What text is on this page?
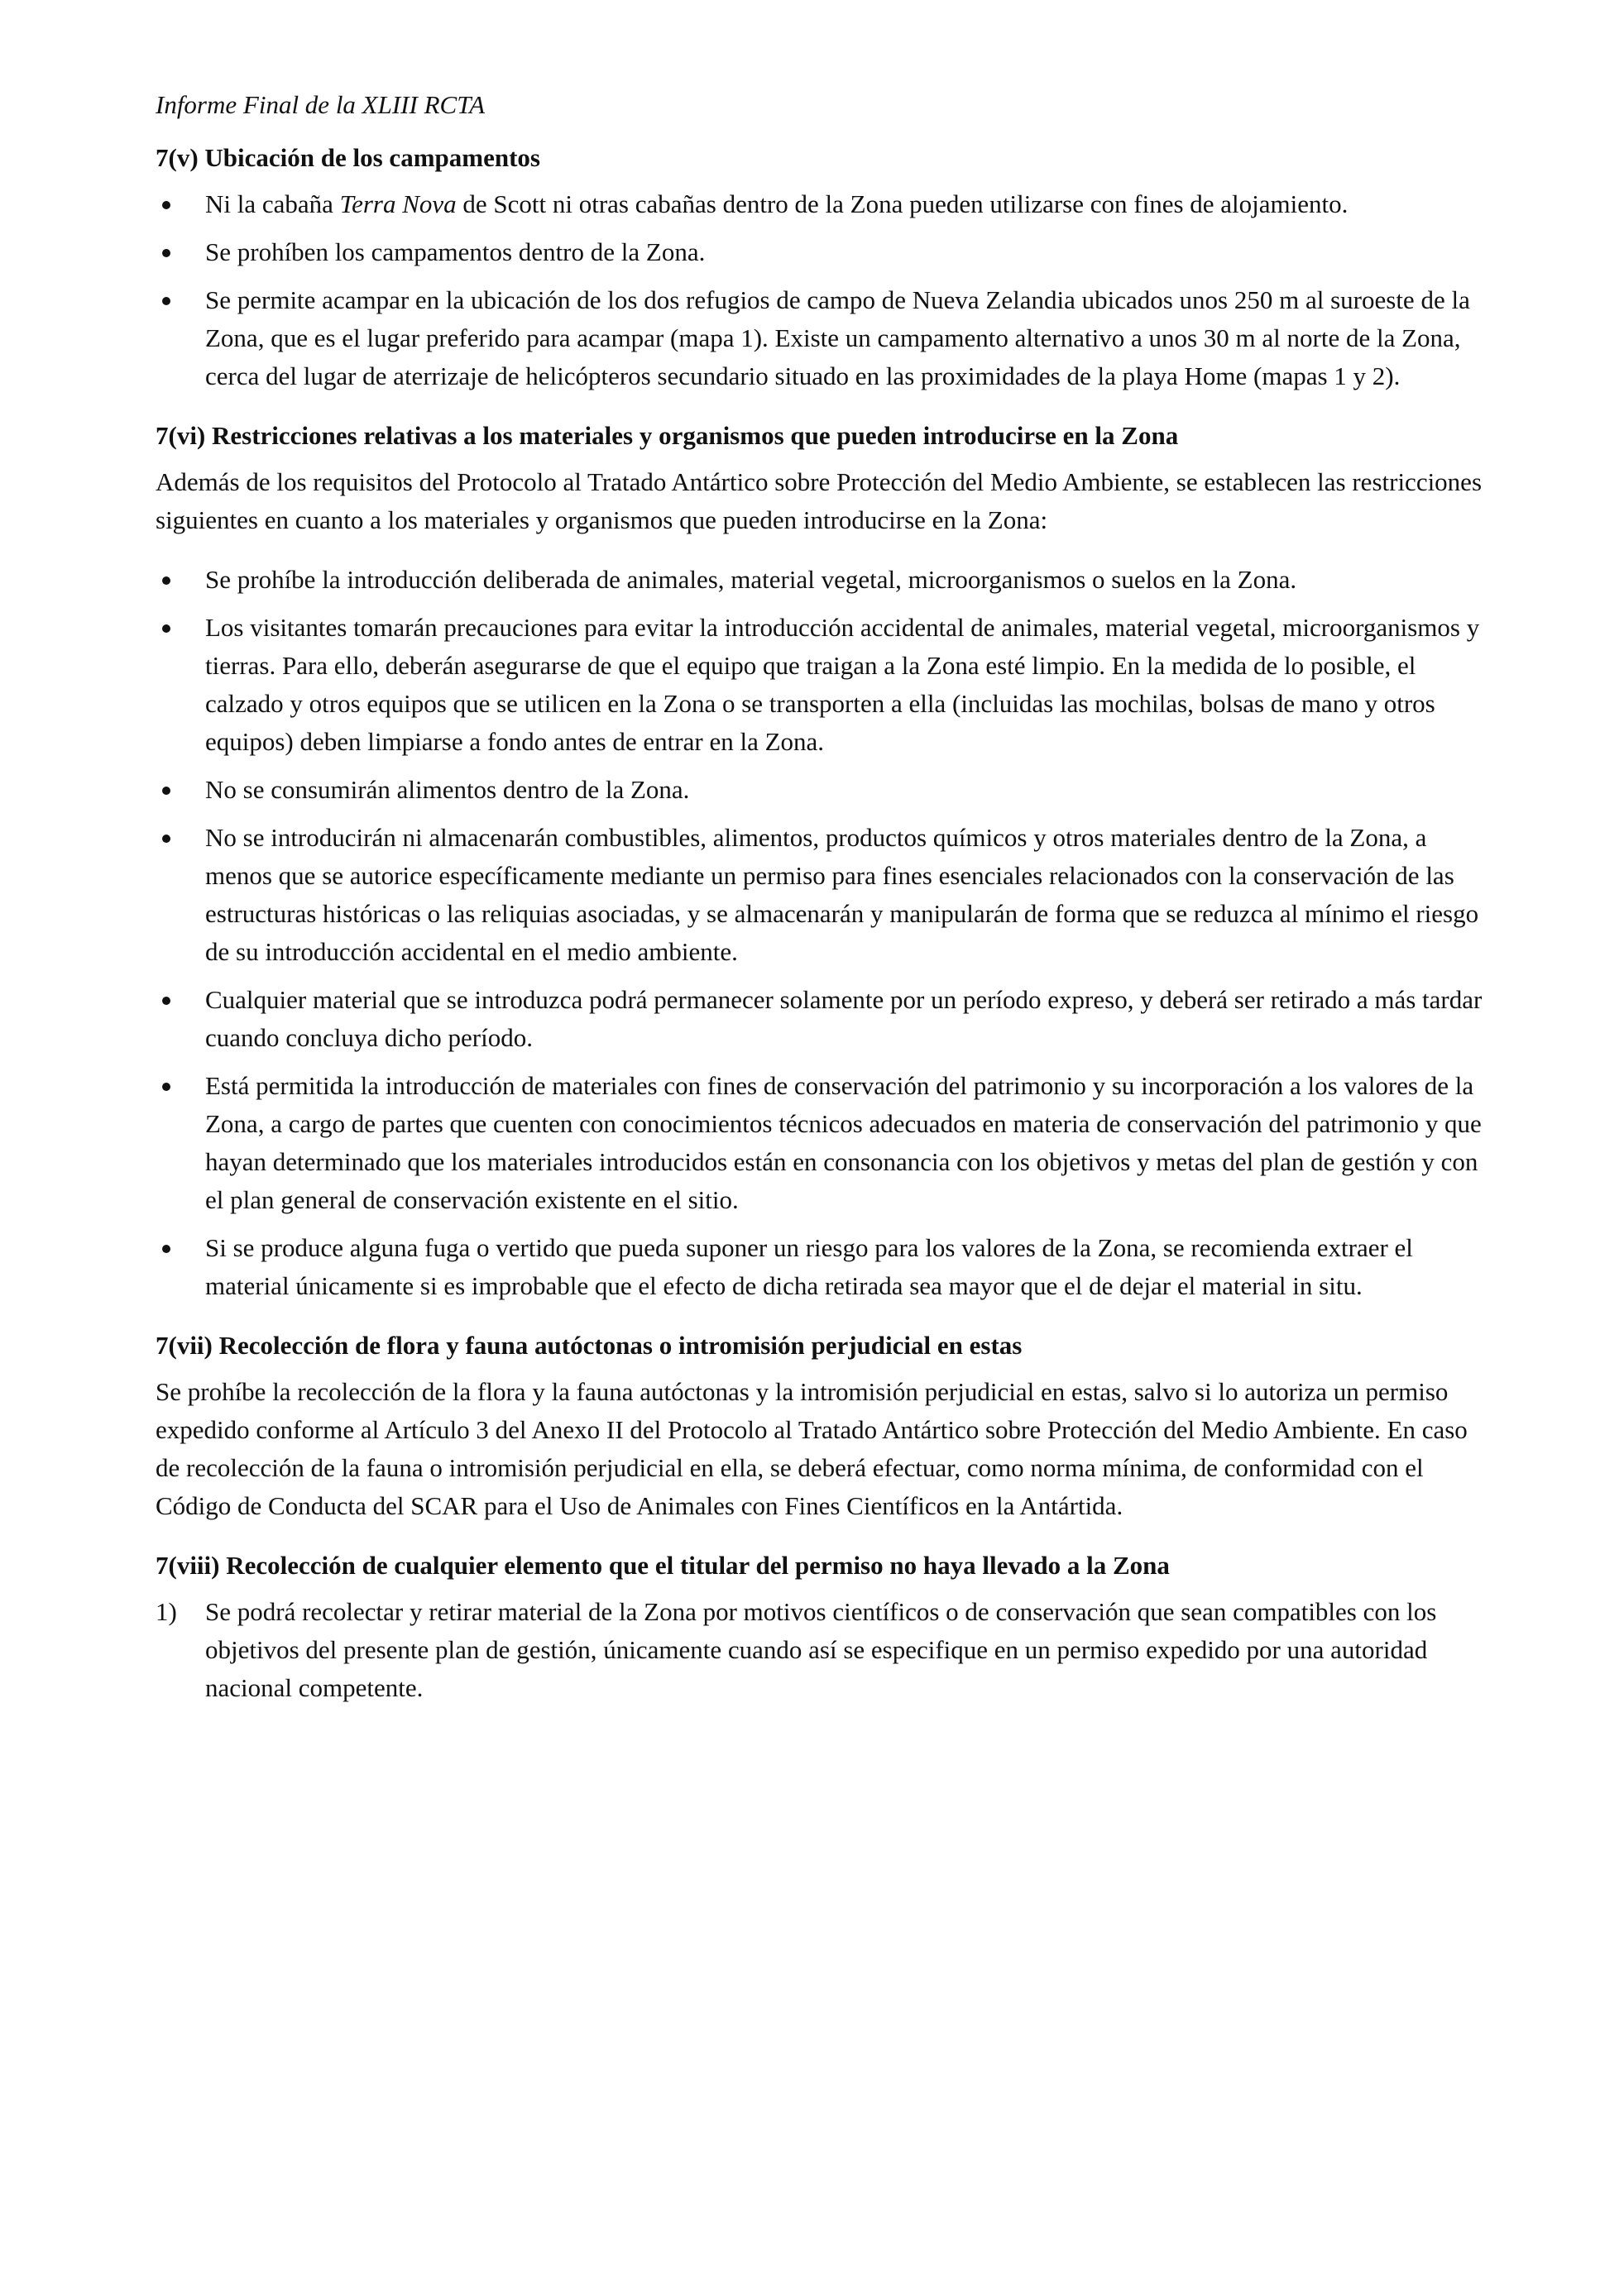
Informe Final de la XLIII RCTA
7(v) Ubicación de los campamentos
Ni la cabaña Terra Nova de Scott ni otras cabañas dentro de la Zona pueden utilizarse con fines de alojamiento.
Se prohíben los campamentos dentro de la Zona.
Se permite acampar en la ubicación de los dos refugios de campo de Nueva Zelandia ubicados unos 250 m al suroeste de la Zona, que es el lugar preferido para acampar (mapa 1). Existe un campamento alternativo a unos 30 m al norte de la Zona, cerca del lugar de aterrizaje de helicópteros secundario situado en las proximidades de la playa Home (mapas 1 y 2).
7(vi) Restricciones relativas a los materiales y organismos que pueden introducirse en la Zona

Además de los requisitos del Protocolo al Tratado Antártico sobre Protección del Medio Ambiente, se establecen las restricciones siguientes en cuanto a los materiales y organismos que pueden introducirse en la Zona:

Se prohíbe la introducción deliberada de animales, material vegetal, microorganismos o suelos en la Zona.
Los visitantes tomarán precauciones para evitar la introducción accidental de animales, material vegetal, microorganismos y tierras. Para ello, deberán asegurarse de que el equipo que traigan a la Zona esté limpio. En la medida de lo posible, el calzado y otros equipos que se utilicen en la Zona o se transporten a ella (incluidas las mochilas, bolsas de mano y otros equipos) deben limpiarse a fondo antes de entrar en la Zona.
No se consumirán alimentos dentro de la Zona.
No se introducirán ni almacenarán combustibles, alimentos, productos químicos y otros materiales dentro de la Zona, a menos que se autorice específicamente mediante un permiso para fines esenciales relacionados con la conservación de las estructuras históricas o las reliquias asociadas, y se almacenarán y manipularán de forma que se reduzca al mínimo el riesgo de su introducción accidental en el medio ambiente.
Cualquier material que se introduzca podrá permanecer solamente por un período expreso, y deberá ser retirado a más tardar cuando concluya dicho período.
Está permitida la introducción de materiales con fines de conservación del patrimonio y su incorporación a los valores de la Zona, a cargo de partes que cuenten con conocimientos técnicos adecuados en materia de conservación del patrimonio y que hayan determinado que los materiales introducidos están en consonancia con los objetivos y metas del plan de gestión y con el plan general de conservación existente en el sitio.
Si se produce alguna fuga o vertido que pueda suponer un riesgo para los valores de la Zona, se recomienda extraer el material únicamente si es improbable que el efecto de dicha retirada sea mayor que el de dejar el material in situ.
7(vii) Recolección de flora y fauna autóctonas o intromisión perjudicial en estas

Se prohíbe la recolección de la flora y la fauna autóctonas y la intromisión perjudicial en estas, salvo si lo autoriza un permiso expedido conforme al Artículo 3 del Anexo II del Protocolo al Tratado Antártico sobre Protección del Medio Ambiente. En caso de recolección de la fauna o intromisión perjudicial en ella, se deberá efectuar, como norma mínima, de conformidad con el Código de Conducta del SCAR para el Uso de Animales con Fines Científicos en la Antártida.

7(viii) Recolección de cualquier elemento que el titular del permiso no haya llevado a la Zona
1) Se podrá recolectar y retirar material de la Zona por motivos científicos o de conservación que sean compatibles con los objetivos del presente plan de gestión, únicamente cuando así se especifique en un permiso expedido por una autoridad nacional competente.
